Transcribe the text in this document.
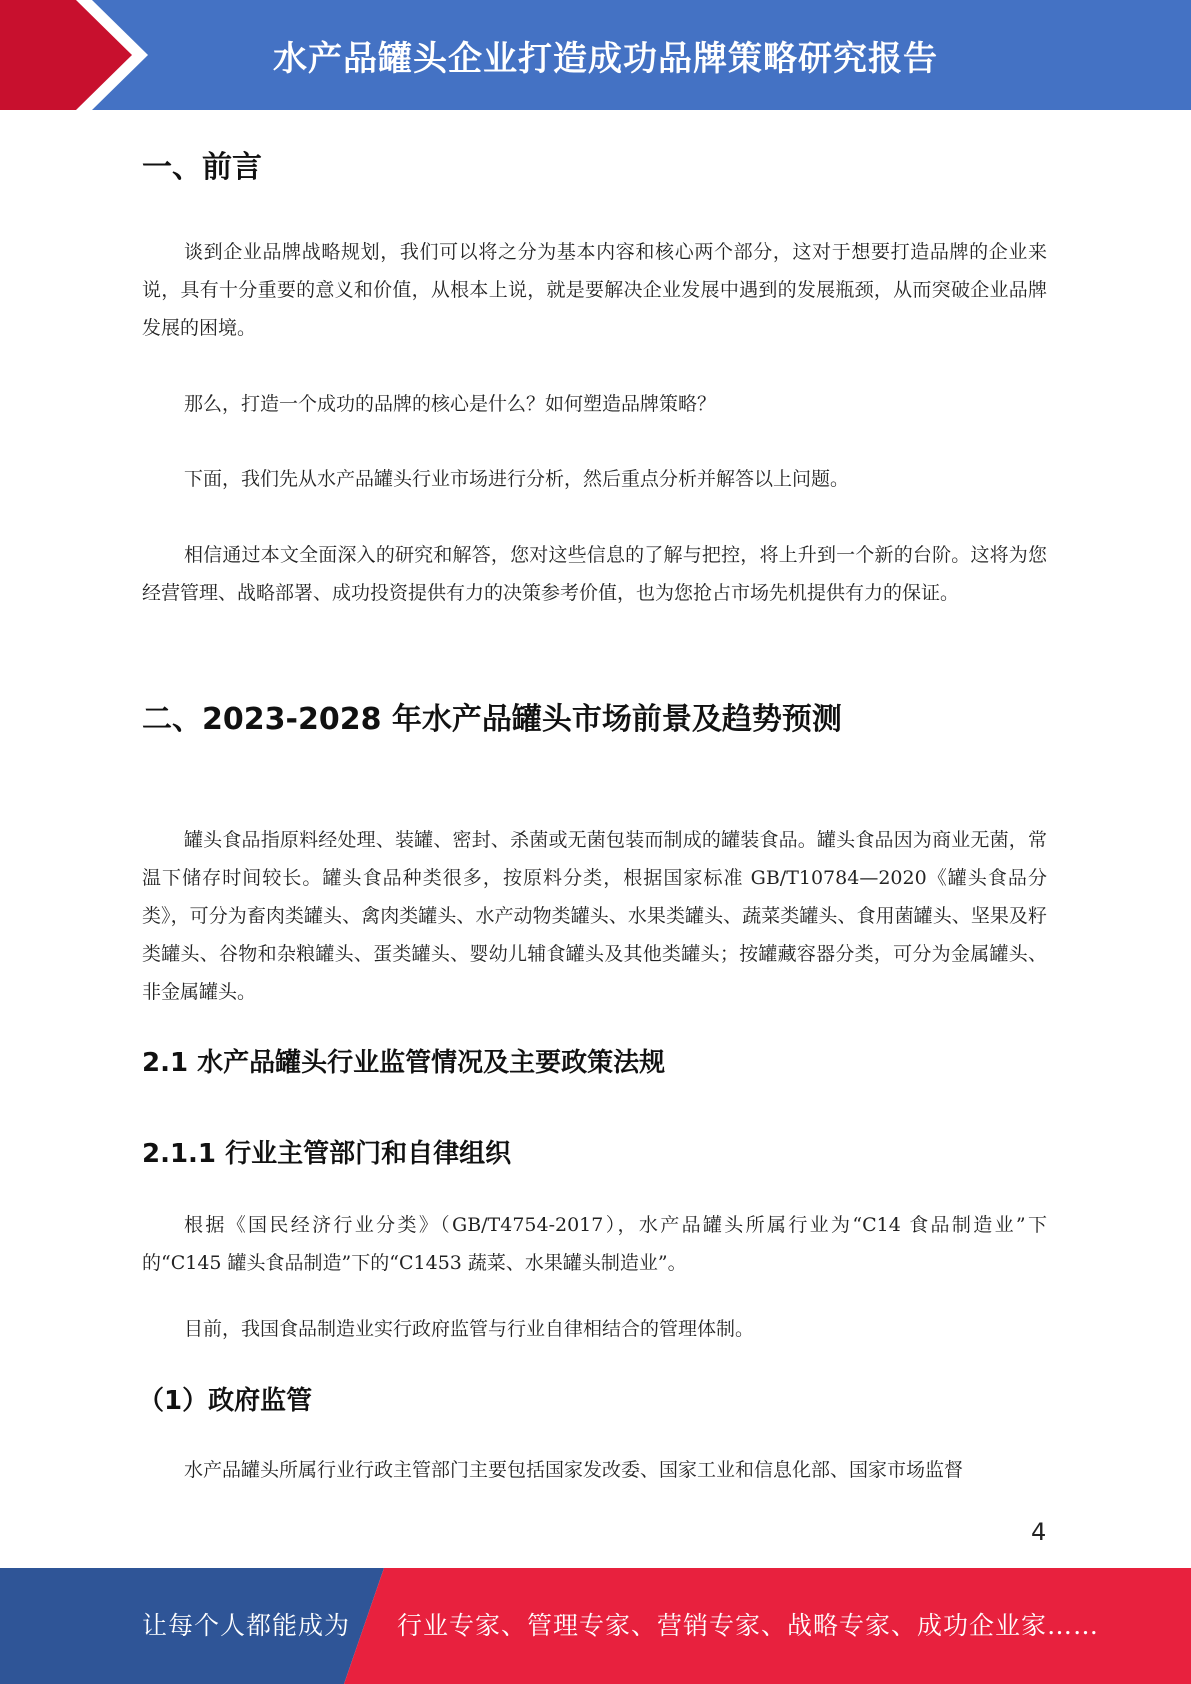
水产品罐头企业打造成功品牌策略研究报告
一、前言

谈到企业品牌战略规划，我们可以将之分为基本内容和核心两个部分，这对于想要打造品牌的企业来说，具有十分重要的意义和价值，从根本上说，就是要解决企业发展中遇到的发展瓶颈，从而突破企业品牌发展的困境。

那么，打造一个成功的品牌的核心是什么？如何塑造品牌策略？

下面，我们先从水产品罐头行业市场进行分析，然后重点分析并解答以上问题。

相信通过本文全面深入的研究和解答，您对这些信息的了解与把控，将上升到一个新的台阶。这将为您经营管理、战略部署、成功投资提供有力的决策参考价值，也为您抢占市场先机提供有力的保证。

二、2023-2028 年水产品罐头市场前景及趋势预测

罐头食品指原料经处理、装罐、密封、杀菌或无菌包装而制成的罐装食品。罐头食品因为商业无菌，常温下储存时间较长。罐头食品种类很多，按原料分类，根据国家标准 GB/T10784—2020《罐头食品分类》，可分为畜肉类罐头、禽肉类罐头、水产动物类罐头、水果类罐头、蔬菜类罐头、食用菌罐头、坚果及籽类罐头、谷物和杂粮罐头、蛋类罐头、婴幼儿辅食罐头及其他类罐头；按罐藏容器分类，可分为金属罐头、非金属罐头。

2.1 水产品罐头行业监管情况及主要政策法规
2.1.1 行业主管部门和自律组织

根据《国民经济行业分类》（GB/T4754-2017），水产品罐头所属行业为“C14 食品制造业”下的“C145 罐头食品制造”下的“C1453 蔬菜、水果罐头制造业”。

目前，我国食品制造业实行政府监管与行业自律相结合的管理体制。

（1）政府监管

水产品罐头所属行业行政主管部门主要包括国家发改委、国家工业和信息化部、国家市场监督

4
让每个人都能成为 行业专家、管理专家、营销专家、战略专家、成功企业家……
